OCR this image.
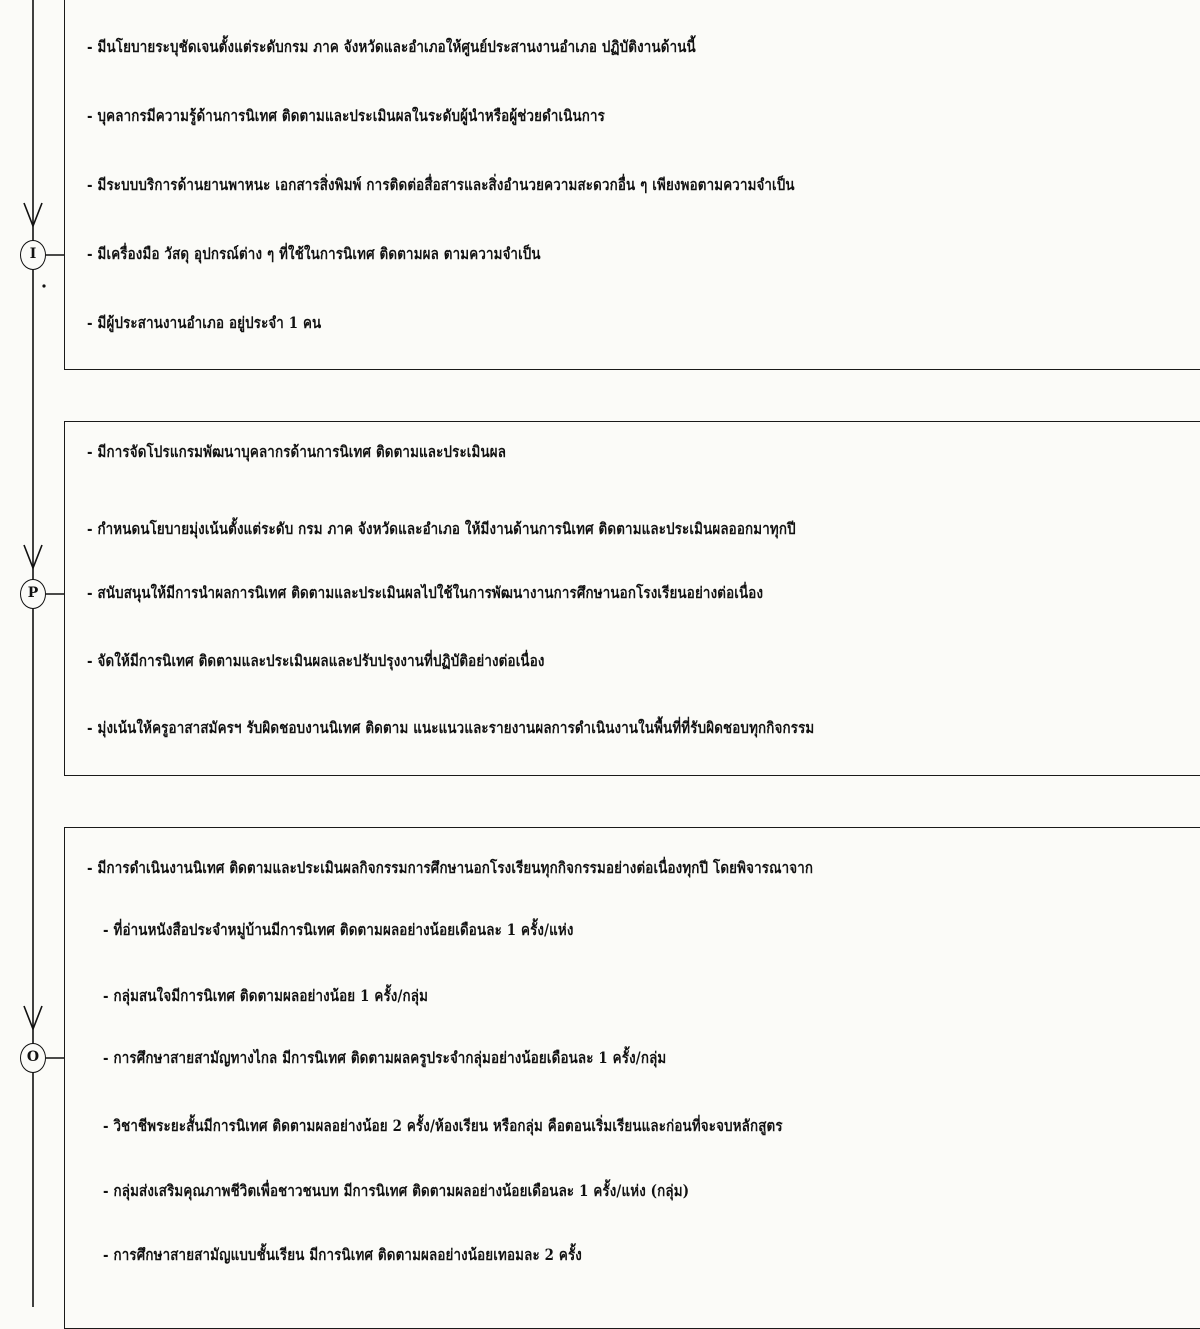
I
- มีนโยบายระบุชัดเจนตั้งแต่ระดับกรม ภาค จังหวัดและอำเภอให้ศูนย์ประสานงานอำเภอ ปฏิบัติงานด้านนี้
- บุคลากรมีความรู้ด้านการนิเทศ ติดตามและประเมินผลในระดับผู้นำหรือผู้ช่วยดำเนินการ
- มีระบบบริการด้านยานพาหนะ เอกสารสิ่งพิมพ์ การติดต่อสื่อสารและสิ่งอำนวยความสะดวกอื่น ๆ เพียงพอตามความจำเป็น
- มีเครื่องมือ วัสดุ อุปกรณ์ต่าง ๆ ที่ใช้ในการนิเทศ ติดตามผล ตามความจำเป็น
- มีผู้ประสานงานอำเภอ อยู่ประจำ 1 คน
P
- มีการจัดโปรแกรมพัฒนาบุคลากรด้านการนิเทศ ติดตามและประเมินผล
- กำหนดนโยบายมุ่งเน้นตั้งแต่ระดับ กรม ภาค จังหวัดและอำเภอ ให้มีงานด้านการนิเทศ ติดตามและประเมินผลออกมาทุกปี
- สนับสนุนให้มีการนำผลการนิเทศ ติดตามและประเมินผลไปใช้ในการพัฒนางานการศึกษานอกโรงเรียนอย่างต่อเนื่อง
- จัดให้มีการนิเทศ ติดตามและประเมินผลและปรับปรุงงานที่ปฏิบัติอย่างต่อเนื่อง
- มุ่งเน้นให้ครูอาสาสมัครฯ รับผิดชอบงานนิเทศ ติดตาม แนะแนวและรายงานผลการดำเนินงานในพื้นที่ที่รับผิดชอบทุกกิจกรรม
O
- มีการดำเนินงานนิเทศ ติดตามและประเมินผลกิจกรรมการศึกษานอกโรงเรียนทุกกิจกรรมอย่างต่อเนื่องทุกปี โดยพิจารณาจาก
- ที่อ่านหนังสือประจำหมู่บ้านมีการนิเทศ ติดตามผลอย่างน้อยเดือนละ 1 ครั้ง/แห่ง
- กลุ่มสนใจมีการนิเทศ ติดตามผลอย่างน้อย 1 ครั้ง/กลุ่ม
- การศึกษาสายสามัญทางไกล มีการนิเทศ ติดตามผลครูประจำกลุ่มอย่างน้อยเดือนละ 1 ครั้ง/กลุ่ม
- วิชาชีพระยะสั้นมีการนิเทศ ติดตามผลอย่างน้อย 2 ครั้ง/ห้องเรียน หรือกลุ่ม คือตอนเริ่มเรียนและก่อนที่จะจบหลักสูตร
- กลุ่มส่งเสริมคุณภาพชีวิตเพื่อชาวชนบท มีการนิเทศ ติดตามผลอย่างน้อยเดือนละ 1 ครั้ง/แห่ง (กลุ่ม)
- การศึกษาสายสามัญแบบชั้นเรียน มีการนิเทศ ติดตามผลอย่างน้อยเทอมละ 2 ครั้ง
